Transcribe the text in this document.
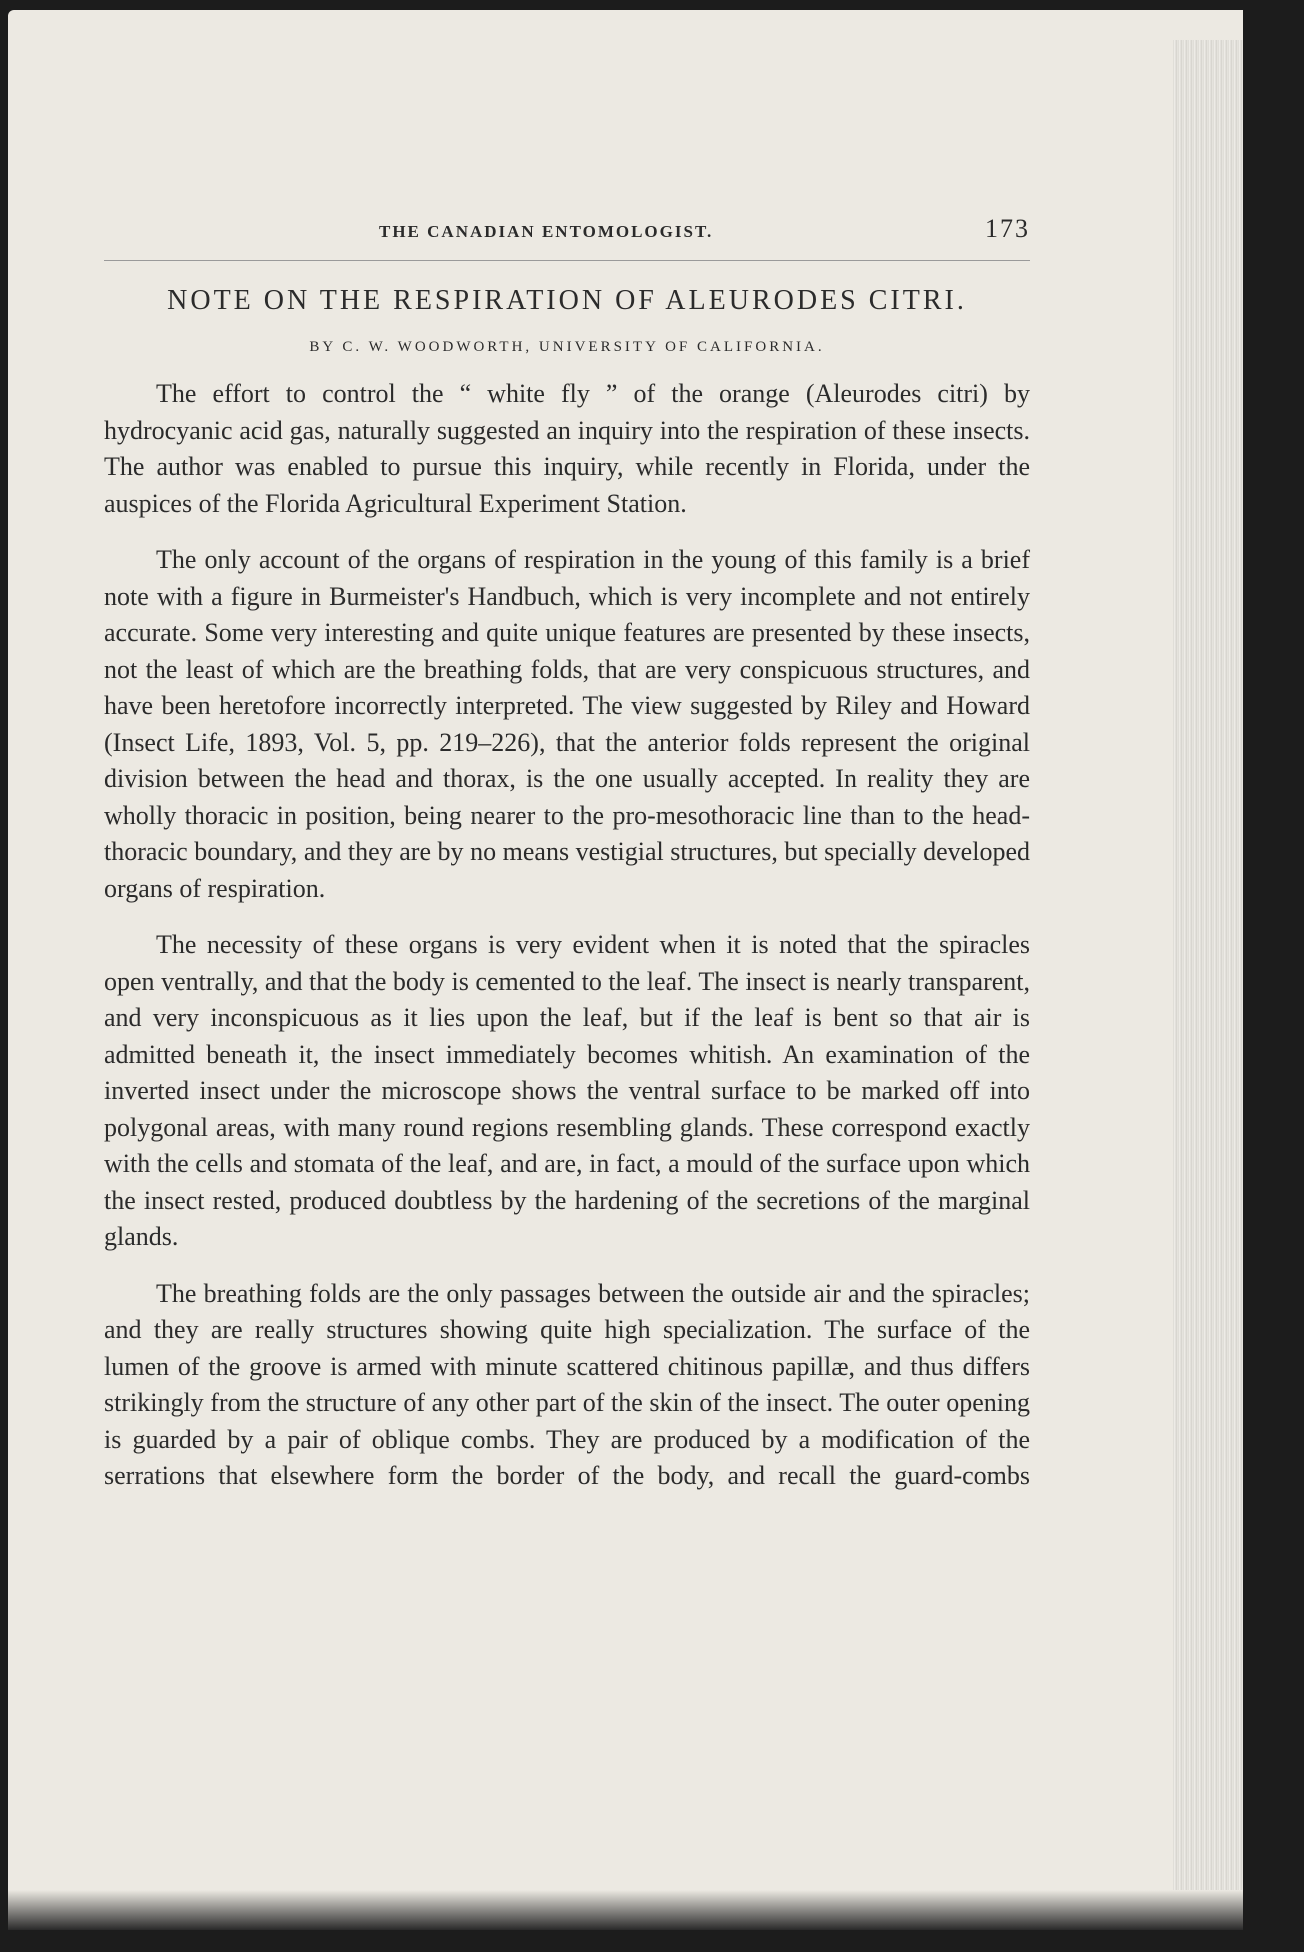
THE CANADIAN ENTOMOLOGIST.	173
NOTE ON THE RESPIRATION OF ALEURODES CITRI.
BY C. W. WOODWORTH, UNIVERSITY OF CALIFORNIA.

The effort to control the “ white fly ” of the orange (Aleurodes citri) by hydrocyanic acid gas, naturally suggested an inquiry into the respiration of these insects. The author was enabled to pursue this inquiry, while recently in Florida, under the auspices of the Florida Agricultural Experiment Station.

The only account of the organs of respiration in the young of this family is a brief note with a figure in Burmeister's Handbuch, which is very incomplete and not entirely accurate. Some very interesting and quite unique features are presented by these insects, not the least of which are the breathing folds, that are very conspicuous structures, and have been heretofore incorrectly interpreted. The view suggested by Riley and Howard (Insect Life, 1893, Vol. 5, pp. 219–226), that the anterior folds represent the original division between the head and thorax, is the one usually accepted. In reality they are wholly thoracic in position, being nearer to the pro-mesothoracic line than to the head-thoracic boundary, and they are by no means vestigial structures, but specially developed organs of respiration.

The necessity of these organs is very evident when it is noted that the spiracles open ventrally, and that the body is cemented to the leaf. The insect is nearly transparent, and very inconspicuous as it lies upon the leaf, but if the leaf is bent so that air is admitted beneath it, the insect immediately becomes whitish. An examination of the inverted insect under the microscope shows the ventral surface to be marked off into polygonal areas, with many round regions resembling glands. These correspond exactly with the cells and stomata of the leaf, and are, in fact, a mould of the surface upon which the insect rested, produced doubtless by the hardening of the secretions of the marginal glands.

The breathing folds are the only passages between the outside air and the spiracles; and they are really structures showing quite high specialization. The surface of the lumen of the groove is armed with minute scattered chitinous papillæ, and thus differs strikingly from the structure of any other part of the skin of the insect. The outer opening is guarded by a pair of oblique combs. They are produced by a modification of the serrations that elsewhere form the border of the body, and recall the guard-combs
